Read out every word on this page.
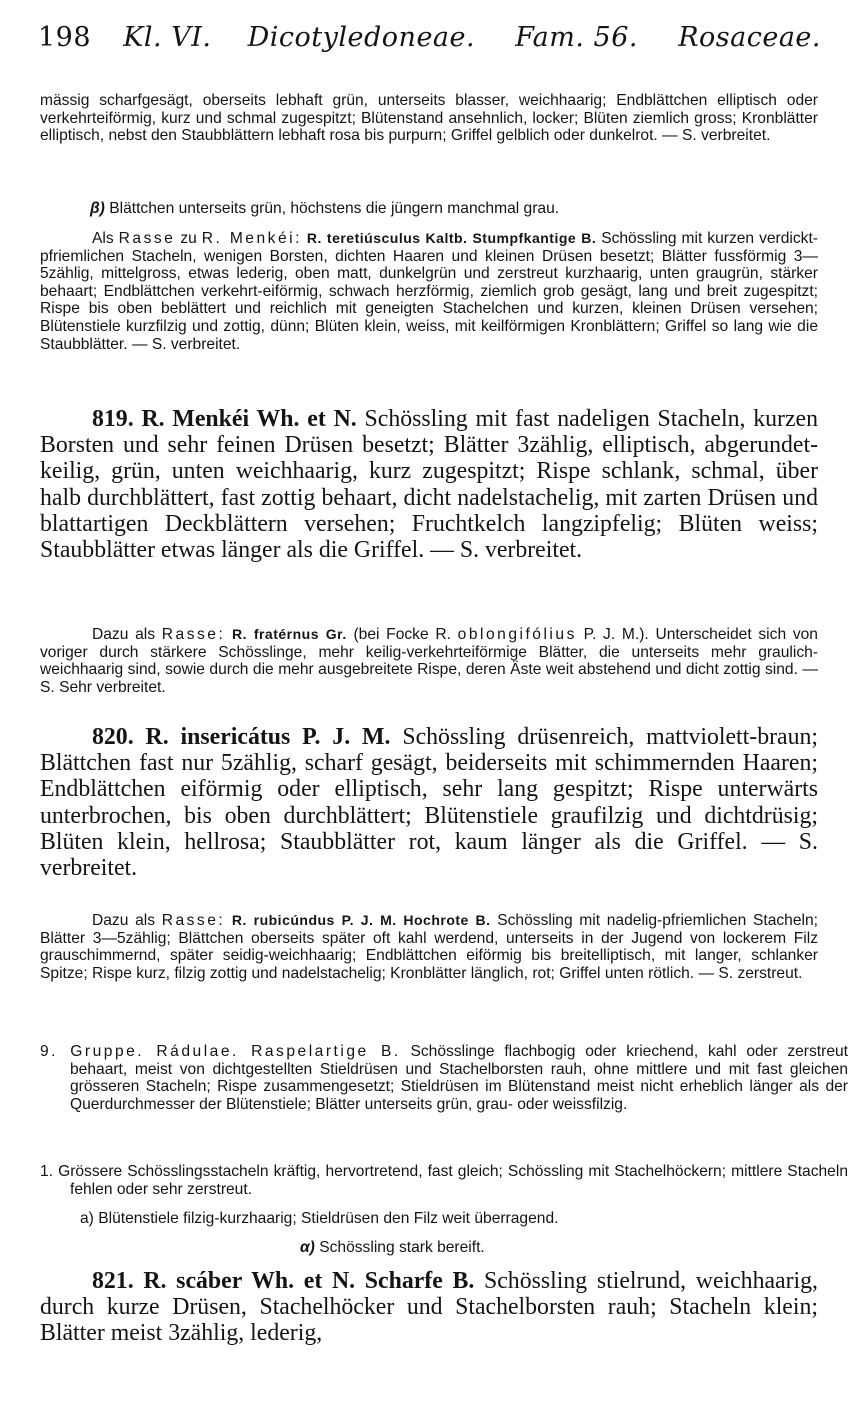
198 Kl. VI. Dicotyledoneae. Fam. 56. Rosaceae.
mässig scharfgesägt, oberseits lebhaft grün, unterseits blasser, weichhaarig; Endblättchen elliptisch oder verkehrteiförmig, kurz und schmal zugespitzt; Blütenstand ansehnlich, locker; Blüten ziemlich gross; Kronblätter elliptisch, nebst den Staubblättern lebhaft rosa bis purpurn; Griffel gelblich oder dunkelrot. — S. verbreitet.
β) Blättchen unterseits grün, höchstens die jüngern manchmal grau.
Als Rasse zu R. Menkéi: R. teretiúsculus Kaltb. Stumpfkantige B. Schössling mit kurzen verdickt-pfriemlichen Stacheln, wenigen Borsten, dichten Haaren und kleinen Drüsen besetzt; Blätter fussförmig 3—5zählig, mittelgross, etwas lederig, oben matt, dunkelgrün und zerstreut kurzhaarig, unten graugrün, stärker behaart; Endblättchen verkehrt-eiförmig, schwach herzförmig, ziemlich grob gesägt, lang und breit zugespitzt; Rispe bis oben beblättert und reichlich mit geneigten Stachelchen und kurzen, kleinen Drüsen versehen; Blütenstiele kurzfilzig und zottig, dünn; Blüten klein, weiss, mit keilförmigen Kronblättern; Griffel so lang wie die Staubblätter. — S. verbreitet.
819. R. Menkéi Wh. et N. Schössling mit fast nadeligen Stacheln, kurzen Borsten und sehr feinen Drüsen besetzt; Blätter 3zählig, elliptisch, abgerundet-keilig, grün, unten weichhaarig, kurz zugespitzt; Rispe schlank, schmal, über halb durchblättert, fast zottig behaart, dicht nadelstachelig, mit zarten Drüsen und blattartigen Deckblättern versehen; Fruchtkelch langzipfelig; Blüten weiss; Staubblätter etwas länger als die Griffel. — S. verbreitet.
Dazu als Rasse: R. fratérnus Gr. (bei Focke R. oblongifólius P. J. M.). Unterscheidet sich von voriger durch stärkere Schösslinge, mehr keilig-verkehrteiförmige Blätter, die unterseits mehr graulich-weichhaarig sind, sowie durch die mehr ausgebreitete Rispe, deren Äste weit abstehend und dicht zottig sind. — S. Sehr verbreitet.
820. R. insericátus P. J. M. Schössling drüsenreich, mattviolett-braun; Blättchen fast nur 5zählig, scharf gesägt, beiderseits mit schimmernden Haaren; Endblättchen eiförmig oder elliptisch, sehr lang gespitzt; Rispe unterwärts unterbrochen, bis oben durchblättert; Blütenstiele graufilzig und dichtdrüsig; Blüten klein, hellrosa; Staubblätter rot, kaum länger als die Griffel. — S. verbreitet.
Dazu als Rasse: R. rubicúndus P. J. M. Hochrote B. Schössling mit nadelig-pfriemlichen Stacheln; Blätter 3—5zählig; Blättchen oberseits später oft kahl werdend, unterseits in der Jugend von lockerem Filz grauschimmernd, später seidig-weichhaarig; Endblättchen eiförmig bis breitelliptisch, mit langer, schlanker Spitze; Rispe kurz, filzig zottig und nadelstachelig; Kronblätter länglich, rot; Griffel unten rötlich. — S. zerstreut.
9. Gruppe. Rádulae. Raspelartige B. Schösslinge flachbogig oder kriechend, kahl oder zerstreut behaart, meist von dichtgestellten Stieldrüsen und Stachelborsten rauh, ohne mittlere und mit fast gleichen grösseren Stacheln; Rispe zusammengesetzt; Stieldrüsen im Blütenstand meist nicht erheblich länger als der Querdurchmesser der Blütenstiele; Blätter unterseits grün, grau- oder weissfilzig.
1. Grössere Schösslingsstacheln kräftig, hervortretend, fast gleich; Schössling mit Stachelhöckern; mittlere Stacheln fehlen oder sehr zerstreut.
a) Blütenstiele filzig-kurzhaarig; Stieldrüsen den Filz weit überragend.
α) Schössling stark bereift.
821. R. scáber Wh. et N. Scharfe B. Schössling stielrund, weichhaarig, durch kurze Drüsen, Stachelhöcker und Stachelborsten rauh; Stacheln klein; Blätter meist 3zählig, lederig,
